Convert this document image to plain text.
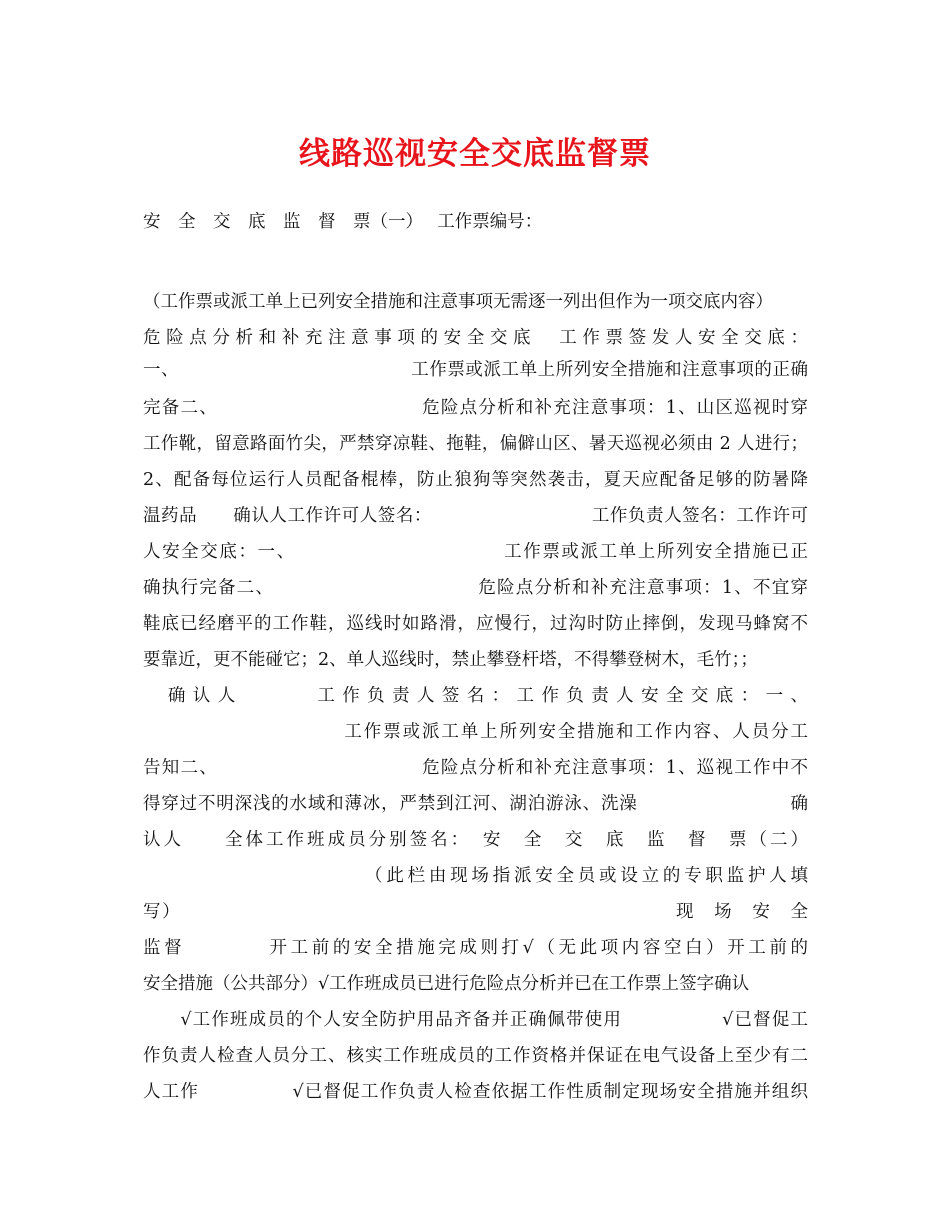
线路巡视安全交底监督票
安　全　交　底　监　督　票（一）　 工作票编号：
（工作票或派工单上已列安全措施和注意事项无需逐一列出但作为一项交底内容）
危险点分析和补充注意事项的安全交底　工作票签发人安全交底：
一、　　　　　　　　　　　　　 工作票或派工单上所列安全措施和注意事项的正确
完备二、　　　　　　　　　　　 危险点分析和补充注意事项：1、山区巡视时穿
工作靴，留意路面竹尖，严禁穿凉鞋、拖鞋，偏僻山区、暑天巡视必须由 2 人进行；
2、配备每位运行人员配备棍棒，防止狼狗等突然袭击，夏天应配备足够的防暑降
温药品　　确认人工作许可人签名：　　　　　　　　　 工作负责人签名：工作许可
人安全交底：一、　　　　　　　　　　　 工作票或派工单上所列安全措施已正
确执行完备二、　　　　　　　　　　　 危险点分析和补充注意事项：1、不宜穿
鞋底已经磨平的工作鞋，巡线时如路滑，应慢行，过沟时防止摔倒，发现马蜂窝不
要靠近，更不能碰它；2、单人巡线时，禁止攀登杆塔，不得攀登树木，毛竹；；
　确认人　　　工作负责人签名：工作负责人安全交底：一、
　　　　　　　　　　 工作票或派工单上所列安全措施和工作内容、人员分工
告知二、　　　　　　　　　　　 危险点分析和补充注意事项：1、巡视工作中不
得穿过不明深浅的水域和薄冰，严禁到江河、湖泊游泳、洗澡　　　　　　　　 确
认人　　全体工作班成员分别签名：　安　全　交　底　监　督　票（二）
　　　　　　　　　　 （此栏由现场指派安全员或设立的专职监护人填
写）　　　　　　　　　　　　　　　　　　　　　　　　　　 现　场　安　全
监督　　　　开工前的安全措施完成则打√（无此项内容空白）开工前的
安全措施（公共部分）√工作班成员已进行危险点分析并已在工作票上签字确认
　　√工作班成员的个人安全防护用品齐备并正确佩带使用　　　　　 √已督促工
作负责人检查人员分工、核实工作班成员的工作资格并保证在电气设备上至少有二
人工作　　　　　√已督促工作负责人检查依据工作性质制定现场安全措施并组织
